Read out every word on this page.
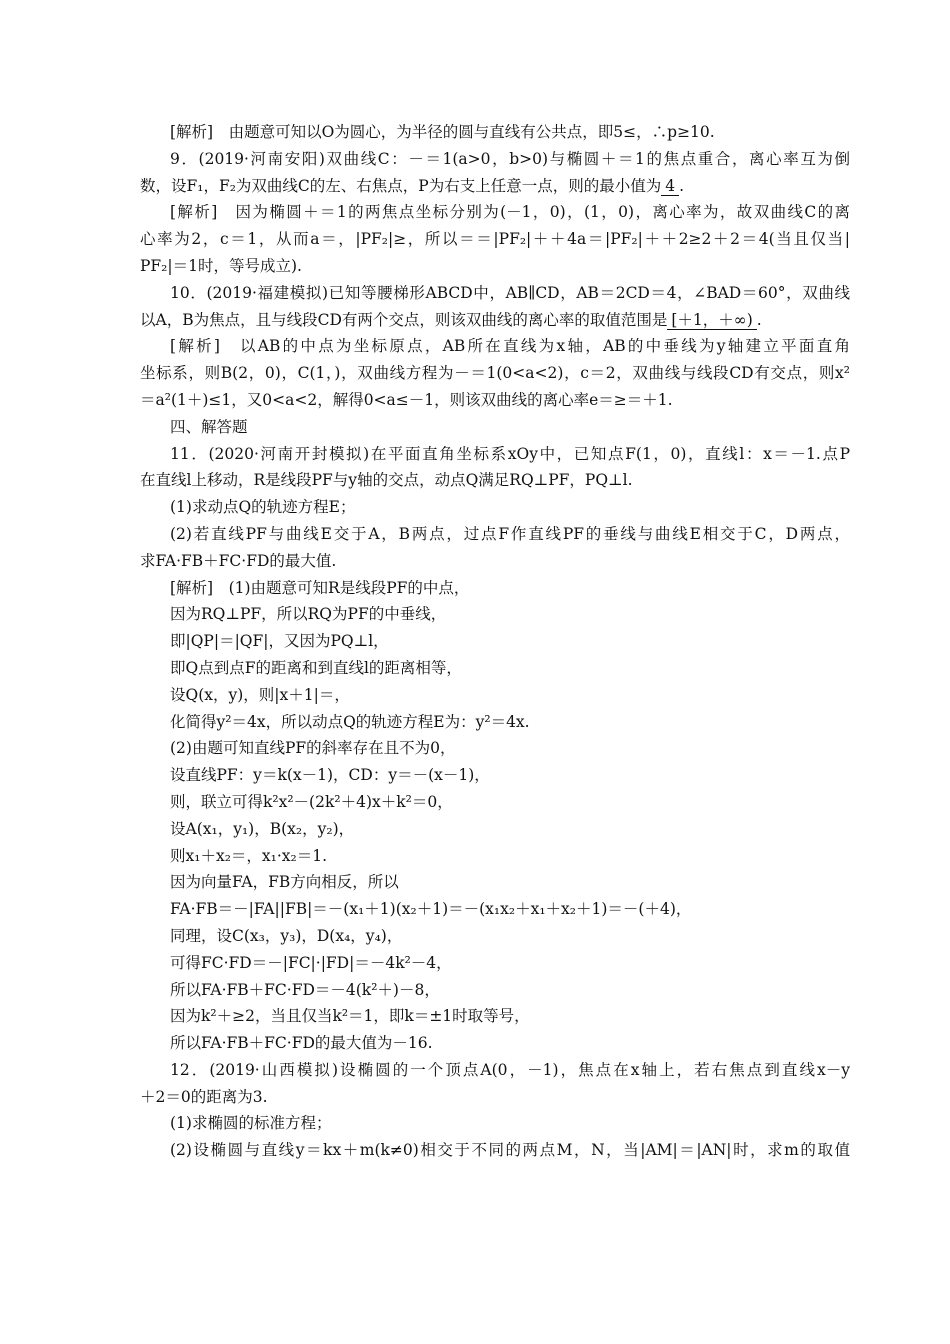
[解析]　由题意可知以O为圆心，为半径的圆与直线有公共点，即5≤，∴p≥10.
9．(2019·河南安阳)双曲线C：－＝1(a>0，b>0)与椭圆＋＝1的焦点重合，离心率互为倒
数，设F₁，F₂为双曲线C的左、右焦点，P为右支上任意一点，则的最小值为 4 .
[解析]　因为椭圆＋＝1的两焦点坐标分别为(－1，0)，(1，0)，离心率为，故双曲线C的离
心率为2，c＝1，从而a＝，|PF₂|≥，所以＝＝|PF₂|＋＋4a＝|PF₂|＋＋2≥2＋2＝4(当且仅当|
PF₂|＝1时，等号成立).
10．(2019·福建模拟)已知等腰梯形ABCD中，AB∥CD，AB＝2CD＝4，∠BAD＝60°，双曲线
以A，B为焦点，且与线段CD有两个交点，则该双曲线的离心率的取值范围是 [＋1，＋∞) .
[解析]　以AB的中点为坐标原点，AB所在直线为x轴，AB的中垂线为y轴建立平面直角
坐标系，则B(2，0)，C(1，)，双曲线方程为－＝1(0<a<2)，c＝2，双曲线与线段CD有交点，则x²
＝a²(1＋)≤1，又0<a<2，解得0<a≤－1，则该双曲线的离心率e＝≥＝＋1.
四、解答题
11．(2020·河南开封模拟)在平面直角坐标系xOy中，已知点F(1，0)，直线l：x＝－1.点P
在直线l上移动，R是线段PF与y轴的交点，动点Q满足RQ⊥PF，PQ⊥l.
(1)求动点Q的轨迹方程E；
(2)若直线PF与曲线E交于A，B两点，过点F作直线PF的垂线与曲线E相交于C，D两点，
求FA·FB＋FC·FD的最大值.
[解析]　(1)由题意可知R是线段PF的中点，
因为RQ⊥PF，所以RQ为PF的中垂线，
即|QP|＝|QF|，又因为PQ⊥l，
即Q点到点F的距离和到直线l的距离相等，
设Q(x，y)，则|x＋1|＝，
化简得y²＝4x，所以动点Q的轨迹方程E为：y²＝4x.
(2)由题可知直线PF的斜率存在且不为0，
设直线PF：y＝k(x－1)，CD：y＝－(x－1)，
则，联立可得k²x²－(2k²＋4)x＋k²＝0，
设A(x₁，y₁)，B(x₂，y₂)，
则x₁＋x₂＝，x₁·x₂＝1.
因为向量FA，FB方向相反，所以
FA·FB＝－|FA||FB|＝－(x₁＋1)(x₂＋1)＝－(x₁x₂＋x₁＋x₂＋1)＝－(＋4)，
同理，设C(x₃，y₃)，D(x₄，y₄)，
可得FC·FD＝－|FC|·|FD|＝－4k²－4，
所以FA·FB＋FC·FD＝－4(k²＋)－8，
因为k²＋≥2，当且仅当k²＝1，即k＝±1时取等号，
所以FA·FB＋FC·FD的最大值为－16.
12．(2019·山西模拟)设椭圆的一个顶点A(0，－1)，焦点在x轴上，若右焦点到直线x－y
＋2＝0的距离为3.
(1)求椭圆的标准方程；
(2)设椭圆与直线y＝kx＋m(k≠0)相交于不同的两点M，N，当|AM|＝|AN|时，求m的取值
